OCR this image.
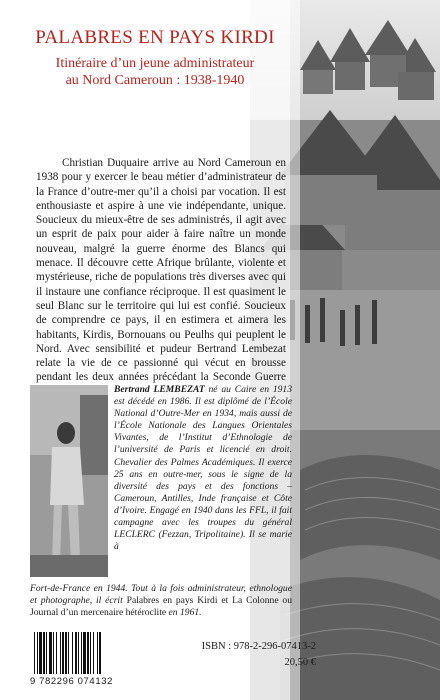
PALABRES EN PAYS KIRDI
Itinéraire d’un jeune administrateur
au Nord Cameroun : 1938-1940

Christian Duquaire arrive au Nord Cameroun en 1938 pour y exercer le beau métier d’administrateur de la France d’outre-mer qu’il a choisi par vocation. Il est enthousiaste et aspire à une vie indépendante, unique. Soucieux du mieux-être de ses administrés, il agit avec un esprit de paix pour aider à faire naître un monde nouveau, malgré la guerre énorme des Blancs qui menace. Il découvre cette Afrique brûlante, violente et mystérieuse, riche de populations très diverses avec qui il instaure une confiance réciproque. Il est quasiment le seul Blanc sur le territoire qui lui est confié. Soucieux de comprendre ce pays, il en estimera et aimera les habitants, Kirdis, Bornouans ou Peulhs qui peuplent le Nord. Avec sensibilité et pudeur Bertrand Lembezat relate la vie de ce passionné qui vécut en brousse pendant les deux années précédant la Seconde Guerre

Bertrand LEMBEZAT né au Caire en 1913 est décédé en 1986. Il est diplômé de l’École National d’Outre-Mer en 1934, mais aussi de l’École Nationale des Langues Orientales Vivantes, de l’Institut d’Ethnologie de l’université de Paris et licencié en droit. Chevalier des Palmes Académiques. Il exerce 25 ans en outre-mer, sous le signe de la diversité des pays et des fonctions – Cameroun, Antilles, Inde française et Côte d’Ivoire. Engagé en 1940 dans les FFL, il fait campagne avec les troupes du général LECLERC (Fezzan, Tripolitaine). Il se marie à

Fort-de-France en 1944. Tout à la fois administrateur, ethnologue et photographe, il écrit Palabres en pays Kirdi et La Colonne ou Journal d’un mercenaire hétéroclite en 1961.

9 782296 074132
ISBN : 978-2-296-07413-2
20,50 €
